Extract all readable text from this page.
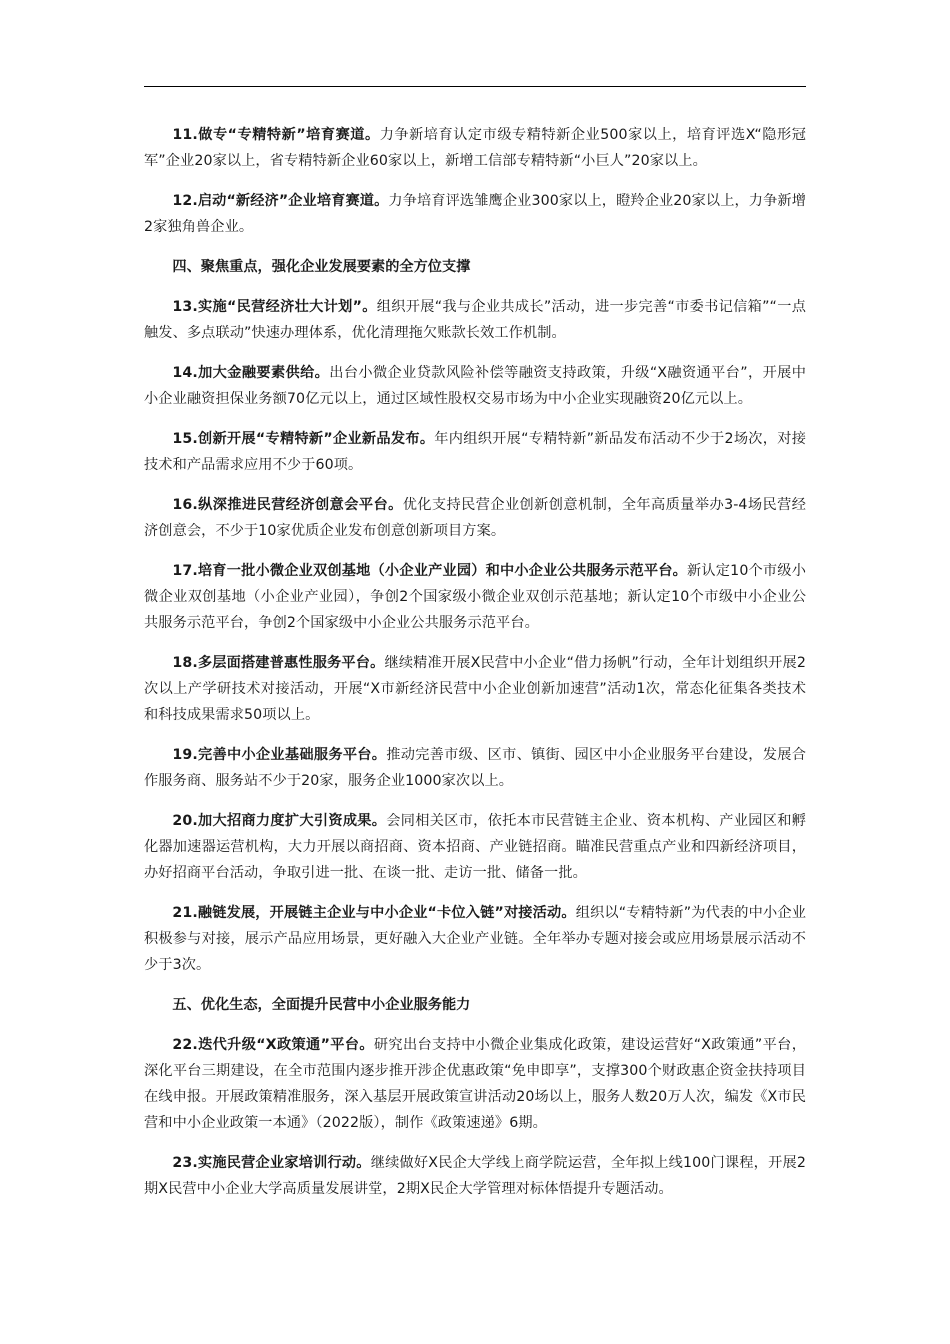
11.做专“专精特新”培育赛道。力争新培育认定市级专精特新企业500家以上，培育评选X“隐形冠军”企业20家以上，省专精特新企业60家以上，新增工信部专精特新“小巨人”20家以上。

12.启动“新经济”企业培育赛道。力争培育评选雏鹰企业300家以上，瞪羚企业20家以上，力争新增2家独角兽企业。

四、聚焦重点，强化企业发展要素的全方位支撑

13.实施“民营经济壮大计划”。组织开展“我与企业共成长”活动，进一步完善“市委书记信箱”“一点触发、多点联动”快速办理体系，优化清理拖欠账款长效工作机制。

14.加大金融要素供给。出台小微企业贷款风险补偿等融资支持政策，升级“X融资通平台”，开展中小企业融资担保业务额70亿元以上，通过区域性股权交易市场为中小企业实现融资20亿元以上。

15.创新开展“专精特新”企业新品发布。年内组织开展“专精特新”新品发布活动不少于2场次，对接技术和产品需求应用不少于60项。

16.纵深推进民营经济创意会平台。优化支持民营企业创新创意机制，全年高质量举办3-4场民营经济创意会，不少于10家优质企业发布创意创新项目方案。

17.培育一批小微企业双创基地（小企业产业园）和中小企业公共服务示范平台。新认定10个市级小微企业双创基地（小企业产业园），争创2个国家级小微企业双创示范基地；新认定10个市级中小企业公共服务示范平台，争创2个国家级中小企业公共服务示范平台。

18.多层面搭建普惠性服务平台。继续精准开展X民营中小企业“借力扬帆”行动，全年计划组织开展2次以上产学研技术对接活动，开展“X市新经济民营中小企业创新加速营”活动1次，常态化征集各类技术和科技成果需求50项以上。

19.完善中小企业基础服务平台。推动完善市级、区市、镇街、园区中小企业服务平台建设，发展合作服务商、服务站不少于20家，服务企业1000家次以上。

20.加大招商力度扩大引资成果。会同相关区市，依托本市民营链主企业、资本机构、产业园区和孵化器加速器运营机构，大力开展以商招商、资本招商、产业链招商。瞄准民营重点产业和四新经济项目，办好招商平台活动，争取引进一批、在谈一批、走访一批、储备一批。

21.融链发展，开展链主企业与中小企业“卡位入链”对接活动。组织以“专精特新”为代表的中小企业积极参与对接，展示产品应用场景，更好融入大企业产业链。全年举办专题对接会或应用场景展示活动不少于3次。

五、优化生态，全面提升民营中小企业服务能力

22.迭代升级“X政策通”平台。研究出台支持中小微企业集成化政策，建设运营好“X政策通”平台，深化平台三期建设，在全市范围内逐步推开涉企优惠政策“免申即享”，支撑300个财政惠企资金扶持项目在线申报。开展政策精准服务，深入基层开展政策宣讲活动20场以上，服务人数20万人次，编发《X市民营和中小企业政策一本通》（2022版），制作《政策速递》6期。

23.实施民营企业家培训行动。继续做好X民企大学线上商学院运营，全年拟上线100门课程，开展2期X民营中小企业大学高质量发展讲堂，2期X民企大学管理对标体悟提升专题活动。
